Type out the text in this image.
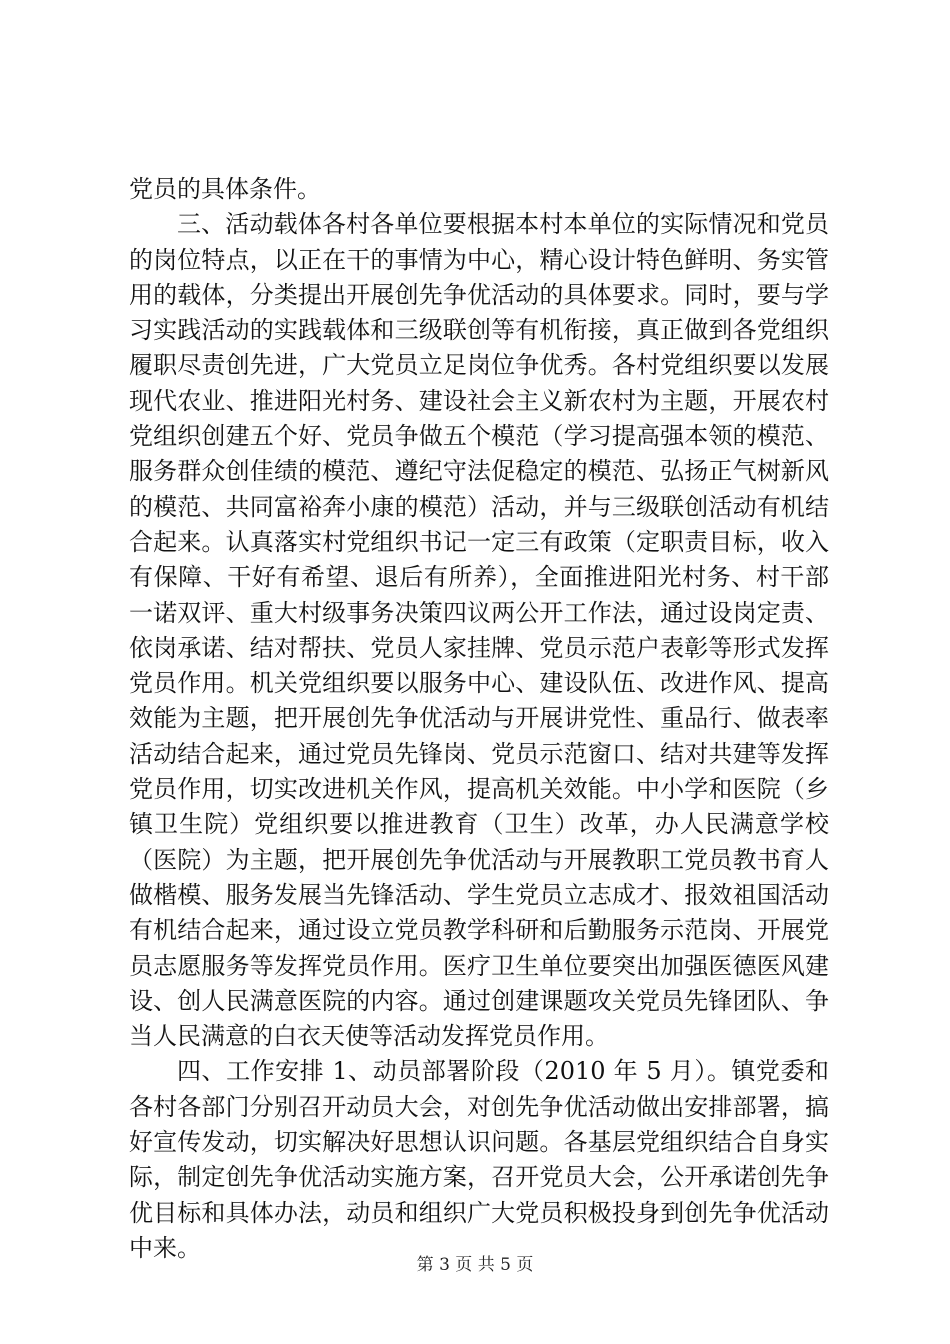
党员的具体条件。

三、活动载体各村各单位要根据本村本单位的实际情况和党员的岗位特点，以正在干的事情为中心，精心设计特色鲜明、务实管用的载体，分类提出开展创先争优活动的具体要求。同时，要与学习实践活动的实践载体和三级联创等有机衔接，真正做到各党组织履职尽责创先进，广大党员立足岗位争优秀。各村党组织要以发展现代农业、推进阳光村务、建设社会主义新农村为主题，开展农村党组织创建五个好、党员争做五个模范（学习提高强本领的模范、服务群众创佳绩的模范、遵纪守法促稳定的模范、弘扬正气树新风的模范、共同富裕奔小康的模范）活动，并与三级联创活动有机结合起来。认真落实村党组织书记一定三有政策（定职责目标，收入有保障、干好有希望、退后有所养），全面推进阳光村务、村干部一诺双评、重大村级事务决策四议两公开工作法，通过设岗定责、依岗承诺、结对帮扶、党员人家挂牌、党员示范户表彰等形式发挥党员作用。机关党组织要以服务中心、建设队伍、改进作风、提高效能为主题，把开展创先争优活动与开展讲党性、重品行、做表率活动结合起来，通过党员先锋岗、党员示范窗口、结对共建等发挥党员作用，切实改进机关作风，提高机关效能。中小学和医院（乡镇卫生院）党组织要以推进教育（卫生）改革，办人民满意学校（医院）为主题，把开展创先争优活动与开展教职工党员教书育人做楷模、服务发展当先锋活动、学生党员立志成才、报效祖国活动有机结合起来，通过设立党员教学科研和后勤服务示范岗、开展党员志愿服务等发挥党员作用。医疗卫生单位要突出加强医德医风建设、创人民满意医院的内容。通过创建课题攻关党员先锋团队、争当人民满意的白衣天使等活动发挥党员作用。

四、工作安排 1、动员部署阶段（2010 年 5 月）。镇党委和各村各部门分别召开动员大会，对创先争优活动做出安排部署，搞好宣传发动，切实解决好思想认识问题。各基层党组织结合自身实际，制定创先争优活动实施方案，召开党员大会，公开承诺创先争优目标和具体办法，动员和组织广大党员积极投身到创先争优活动中来。

第 3 页 共 5 页
